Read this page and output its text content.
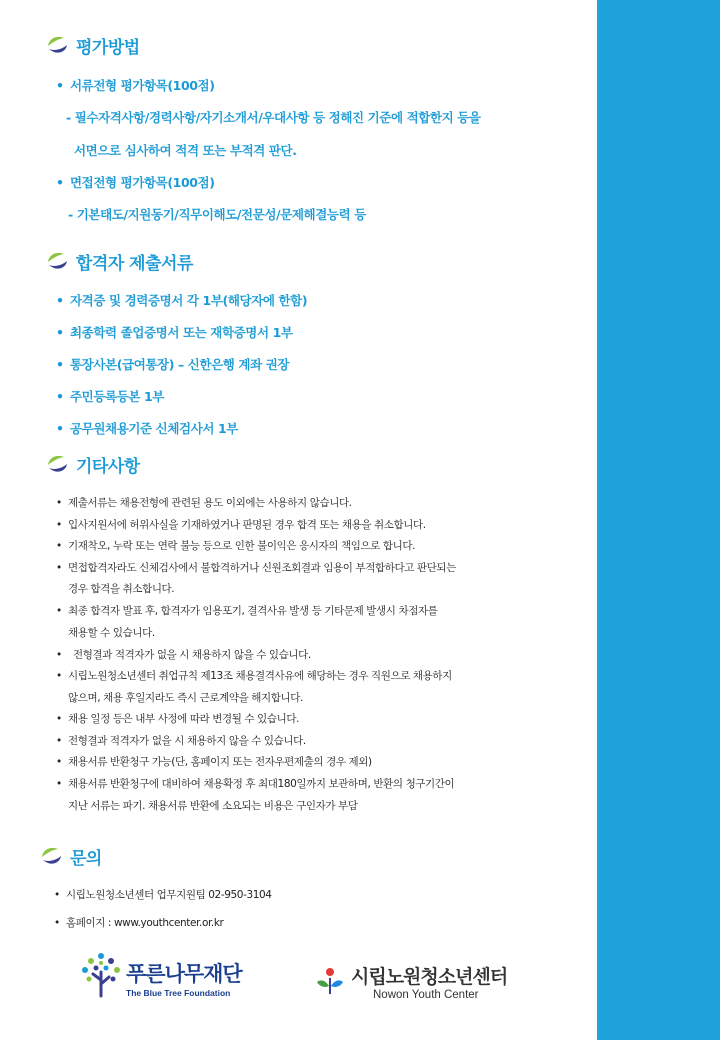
평가방법
• 서류전형 평가항목(100점)
- 필수자격사항/경력사항/자기소개서/우대사항 등 정해진 기준에 적합한지 등을
서면으로 심사하여 적격 또는 부적격 판단.
• 면접전형 평가항목(100점)
- 기본태도/지원동기/직무이해도/전문성/문제해결능력 등
합격자 제출서류
• 자격증 및 경력증명서 각 1부(해당자에 한함)
• 최종학력 졸업증명서 또는 재학증명서 1부
• 통장사본(급여통장) – 신한은행 계좌 권장
• 주민등록등본 1부
• 공무원채용기준 신체검사서 1부
기타사항
• 제출서류는 채용전형에 관련된 용도 이외에는 사용하지 않습니다.
• 입사지원서에 허위사실을 기재하였거나 판명된 경우 합격 또는 채용을 취소합니다.
• 기재착오, 누락 또는 연락 불능 등으로 인한 불이익은 응시자의 책임으로 합니다.
• 면접합격자라도 신체검사에서 불합격하거나 신원조회결과 임용이 부적합하다고 판단되는
경우 합격을 취소합니다.
• 최종 합격자 발표 후, 합격자가 임용포기, 결격사유 발생 등 기타문제 발생시 차점자를
채용할 수 있습니다.
• 전형결과 적격자가 없을 시 채용하지 않을 수 있습니다.
• 시립노원청소년센터 취업규칙 제13조 채용결격사유에 해당하는 경우 직원으로 채용하지
않으며, 채용 후일지라도 즉시 근로계약을 해지합니다.
• 채용 일정 등은 내부 사정에 따라 변경될 수 있습니다.
• 전형결과 적격자가 없을 시 채용하지 않을 수 있습니다.
• 채용서류 반환청구 가능(단, 홈페이지 또는 전자우편제출의 경우 제외)
• 채용서류 반환청구에 대비하여 채용확정 후 최대180일까지 보관하며, 반환의 청구기간이
지난 서류는 파기. 채용서류 반환에 소요되는 비용은 구인자가 부담
문의
• 시립노원청소년센터 업무지원팀 02-950-3104
• 홈페이지 : www.youthcenter.or.kr
푸른나무재단
The Blue Tree Foundation
시립노원청소년센터
Nowon Youth Center
